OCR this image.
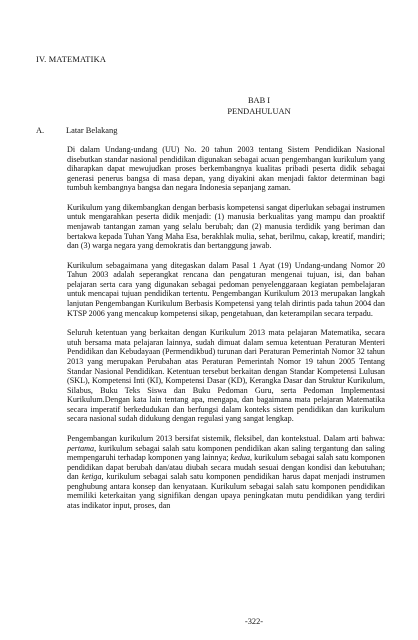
IV. MATEMATIKA
BAB I
PENDAHULUAN
A.	Latar Belakang

Di dalam Undang-undang (UU) No. 20 tahun 2003 tentang Sistem Pendidikan Nasional disebutkan standar nasional pendidikan digunakan sebagai acuan pengembangan kurikulum yang diharapkan dapat mewujudkan proses berkembangnya kualitas pribadi peserta didik sebagai generasi penerus bangsa di masa depan, yang diyakini akan menjadi faktor determinan bagi tumbuh kembangnya bangsa dan negara Indonesia sepanjang zaman.

Kurikulum yang dikembangkan dengan berbasis kompetensi sangat diperlukan sebagai instrumen untuk mengarahkan peserta didik menjadi: (1) manusia berkualitas yang mampu dan proaktif menjawab tantangan zaman yang selalu berubah; dan (2) manusia terdidik yang beriman dan bertakwa kepada Tuhan Yang Maha Esa, berakhlak mulia, sehat, berilmu, cakap, kreatif, mandiri; dan (3) warga negara yang demokratis dan bertanggung jawab.

Kurikulum sebagaimana yang ditegaskan dalam Pasal 1 Ayat (19) Undang-undang Nomor 20 Tahun 2003 adalah seperangkat rencana dan pengaturan mengenai tujuan, isi, dan bahan pelajaran serta cara yang digunakan sebagai pedoman penyelenggaraan kegiatan pembelajaran untuk mencapai tujuan pendidikan tertentu. Pengembangan Kurikulum 2013 merupakan langkah lanjutan Pengembangan Kurikulum Berbasis Kompetensi yang telah dirintis pada tahun 2004 dan KTSP 2006 yang mencakup kompetensi sikap, pengetahuan, dan keterampilan secara terpadu.

Seluruh ketentuan yang berkaitan dengan Kurikulum 2013 mata pelajaran Matematika, secara utuh bersama mata pelajaran lainnya, sudah dimuat dalam semua ketentuan Peraturan Menteri Pendidikan dan Kebudayaan (Permendikbud) turunan dari Peraturan Pemerintah Nomor 32 tahun 2013 yang merupakan Perubahan atas Peraturan Pemerintah Nomor 19 tahun 2005 Tentang Standar Nasional Pendidikan. Ketentuan tersebut berkaitan dengan Standar Kompetensi Lulusan (SKL), Kompetensi Inti (KI), Kompetensi Dasar (KD), Kerangka Dasar dan Struktur Kurikulum, Silabus, Buku Teks Siswa dan Buku Pedoman Guru, serta Pedoman Implementasi Kurikulum.Dengan kata lain tentang apa, mengapa, dan bagaimana mata pelajaran Matematika secara imperatif berkedudukan dan berfungsi dalam konteks sistem pendidikan dan kurikulum secara nasional sudah didukung dengan regulasi yang sangat lengkap.

Pengembangan kurikulum 2013 bersifat sistemik, fleksibel, dan kontekstual. Dalam arti bahwa: pertama, kurikulum sebagai salah satu komponen pendidikan akan saling tergantung dan saling mempengaruhi terhadap komponen yang lainnya; kedua, kurikulum sebagai salah satu komponen pendidikan dapat berubah dan/atau diubah secara mudah sesuai dengan kondisi dan kebutuhan; dan ketiga, kurikulum sebagai salah satu komponen pendidikan harus dapat menjadi instrumen penghubung antara konsep dan kenyataan. Kurikulum sebagai salah satu komponen pendidikan memiliki keterkaitan yang signifikan dengan upaya peningkatan mutu pendidikan yang terdiri atas indikator input, proses, dan

-322-
